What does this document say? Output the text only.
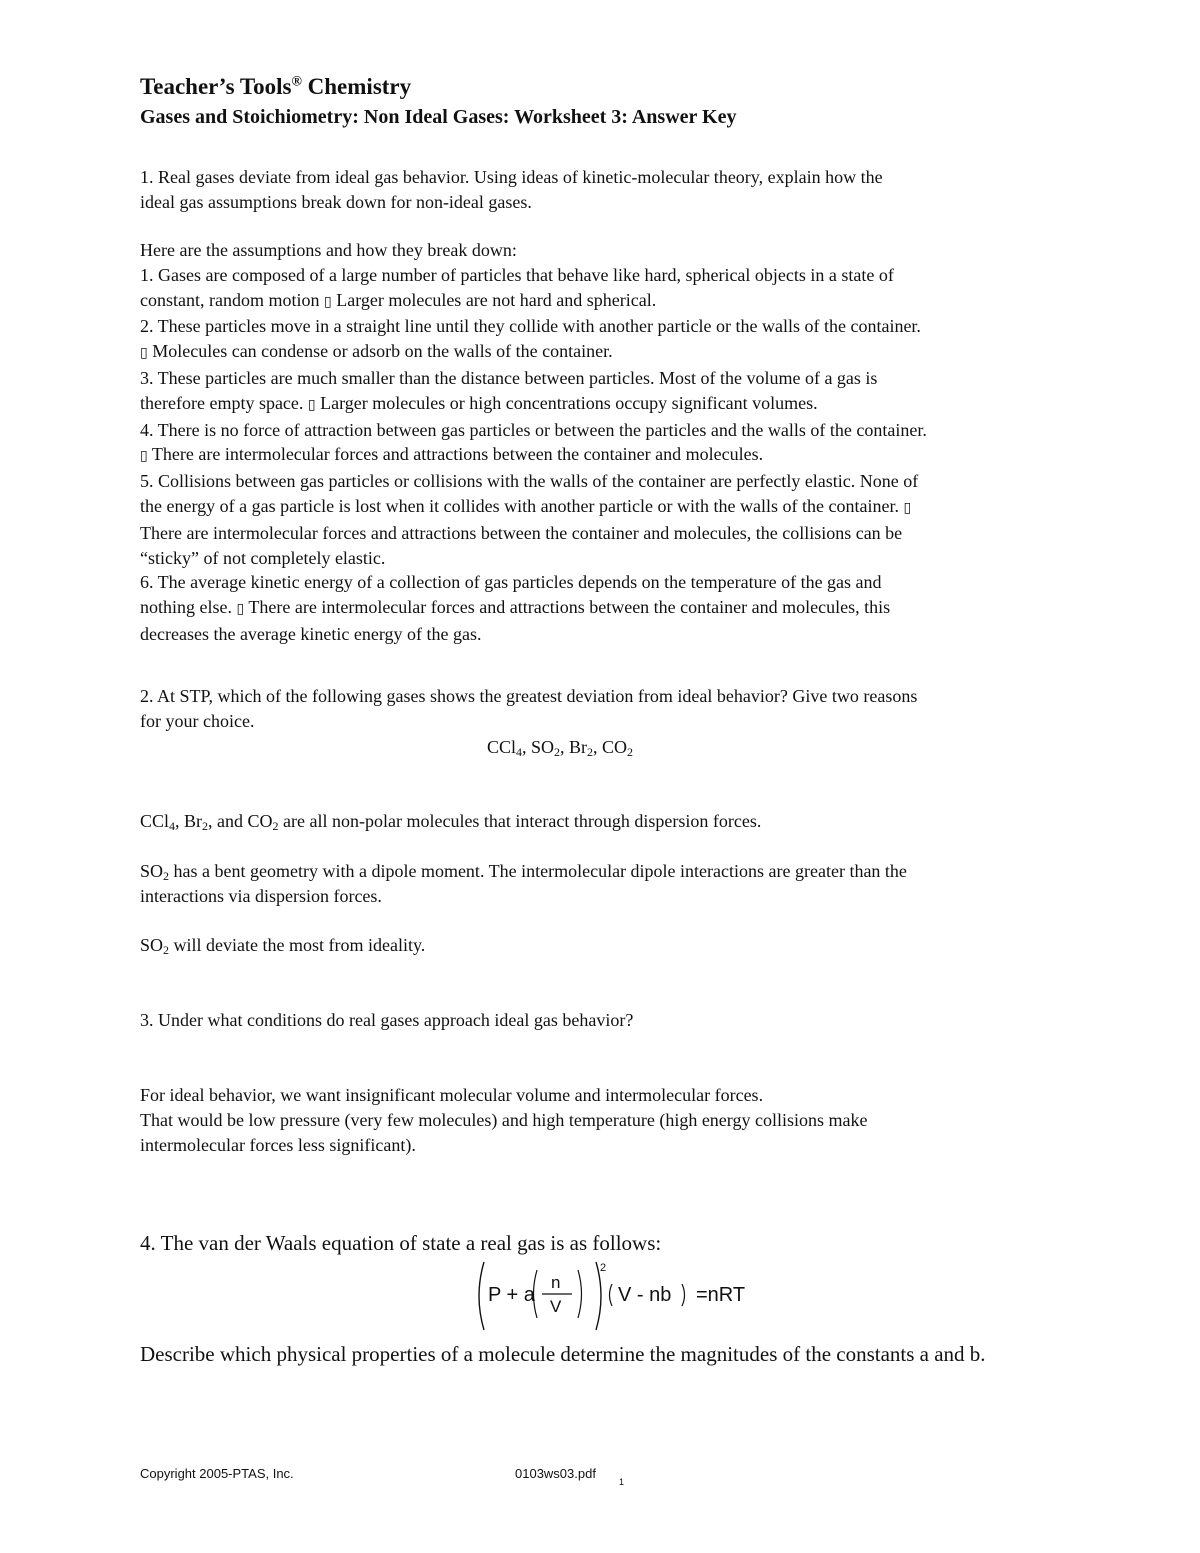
Teacher’s Tools® Chemistry
Gases and Stoichiometry: Non Ideal Gases: Worksheet 3: Answer Key
1. Real gases deviate from ideal gas behavior. Using ideas of kinetic-molecular theory, explain how the
ideal gas assumptions break down for non-ideal gases.
Here are the assumptions and how they break down:
1. Gases are composed of a large number of particles that behave like hard, spherical objects in a state of
constant, random motion ▯ Larger molecules are not hard and spherical.
2. These particles move in a straight line until they collide with another particle or the walls of the container.
▯ Molecules can condense or adsorb on the walls of the container.
3. These particles are much smaller than the distance between particles. Most of the volume of a gas is
therefore empty space. ▯ Larger molecules or high concentrations occupy significant volumes.
4. There is no force of attraction between gas particles or between the particles and the walls of the container.
▯ There are intermolecular forces and attractions between the container and molecules.
5. Collisions between gas particles or collisions with the walls of the container are perfectly elastic. None of
the energy of a gas particle is lost when it collides with another particle or with the walls of the container. ▯
There are intermolecular forces and attractions between the container and molecules, the collisions can be
“sticky” of not completely elastic.
6. The average kinetic energy of a collection of gas particles depends on the temperature of the gas and
nothing else. ▯ There are intermolecular forces and attractions between the container and molecules, this
decreases the average kinetic energy of the gas.
2. At STP, which of the following gases shows the greatest deviation from ideal behavior? Give two reasons
for your choice.
CCl$_4$, $SO_2$, $Br_2$, $CO_2$
CCl$_4$, $Br_2$, and $CO_2$ are all non-polar molecules that interact through dispersion forces.
$SO_2$ has a bent geometry with a dipole moment. The intermolecular dipole interactions are greater than the
interactions via dispersion forces.
$SO_2$ will deviate the most from ideality.
3. Under what conditions do real gases approach ideal gas behavior?
For ideal behavior, we want insignificant molecular volume and intermolecular forces.
That would be low pressure (very few molecules) and high temperature (high energy collisions make
intermolecular forces less significant).
4. The van der Waals equation of state a real gas is as follows:
P + a
n
V
2
V - nb =nRT
Describe which physical properties of a molecule determine the magnitudes of the constants a and b.
Copyright 2005-PTAS, Inc.	0103ws03.pdf
1
